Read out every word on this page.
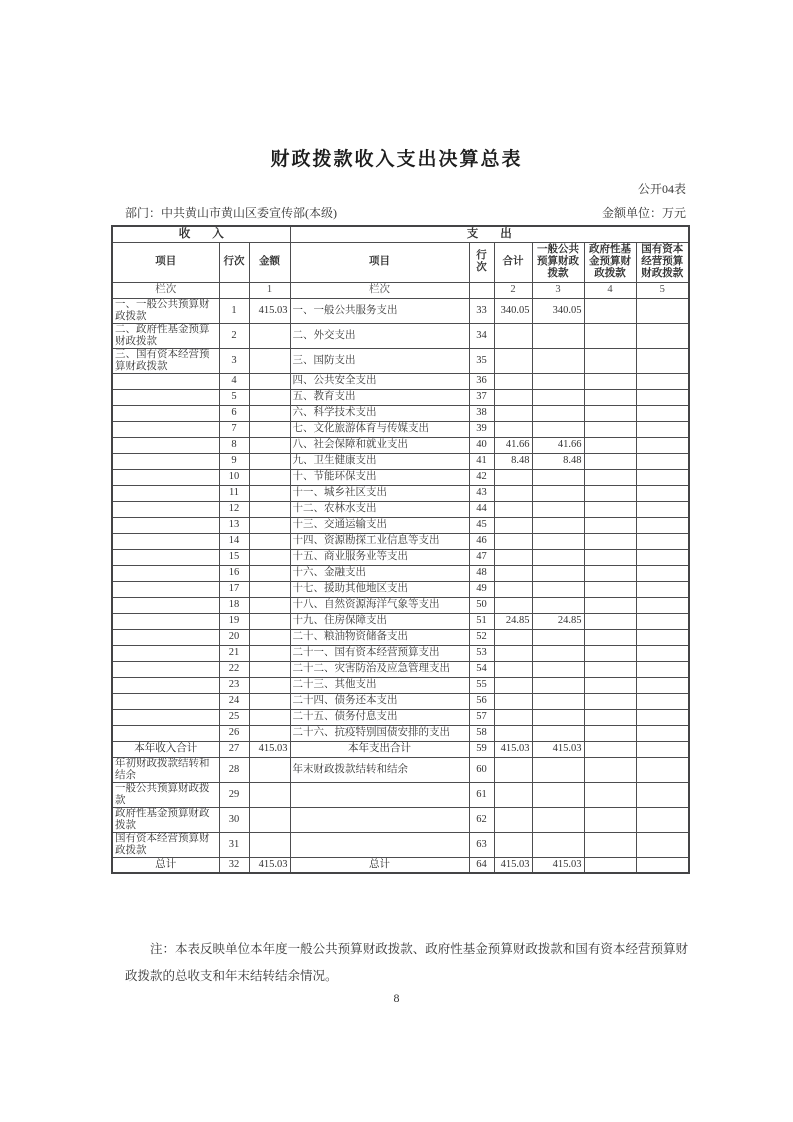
财政拨款收入支出决算总表
公开04表
部门：中共黄山市黄山区委宣传部(本级)	金额单位：万元
收入			支出					
项目	行次	金额	项目	行次	合计	一般公共预算财政拨款	政府性基金预算财政拨款	国有资本经营预算财政拨款
栏次		1	栏次		2	3	4	5
一、一般公共预算财政拨款	1	415.03	一、一般公共服务支出	33	340.05	340.05		
二、政府性基金预算财政拨款	2		二、外交支出	34				
三、国有资本经营预算财政拨款	3		三、国防支出	35				
	4		四、公共安全支出	36				
	5		五、教育支出	37				
	6		六、科学技术支出	38				
	7		七、文化旅游体育与传媒支出	39				
	8		八、社会保障和就业支出	40	41.66	41.66		
	9		九、卫生健康支出	41	8.48	8.48		
	10		十、节能环保支出	42				
	11		十一、城乡社区支出	43				
	12		十二、农林水支出	44				
	13		十三、交通运输支出	45				
	14		十四、资源勘探工业信息等支出	46				
	15		十五、商业服务业等支出	47				
	16		十六、金融支出	48				
	17		十七、援助其他地区支出	49				
	18		十八、自然资源海洋气象等支出	50				
	19		十九、住房保障支出	51	24.85	24.85		
	20		二十、粮油物资储备支出	52				
	21		二十一、国有资本经营预算支出	53				
	22		二十二、灾害防治及应急管理支出	54				
	23		二十三、其他支出	55				
	24		二十四、债务还本支出	56				
	25		二十五、债务付息支出	57				
	26		二十六、抗疫特别国债安排的支出	58				
本年收入合计	27	415.03	本年支出合计	59	415.03	415.03		
年初财政拨款结转和结余	28		年末财政拨款结转和结余	60				
一般公共预算财政拨款	29			61				
政府性基金预算财政拨款	30			62				
国有资本经营预算财政拨款	31			63				
总计	32	415.03	总计	64	415.03	415.03		
注：本表反映单位本年度一般公共预算财政拨款、政府性基金预算财政拨款和国有资本经营预算财政拨款的总收支和年末结转结余情况。
8
